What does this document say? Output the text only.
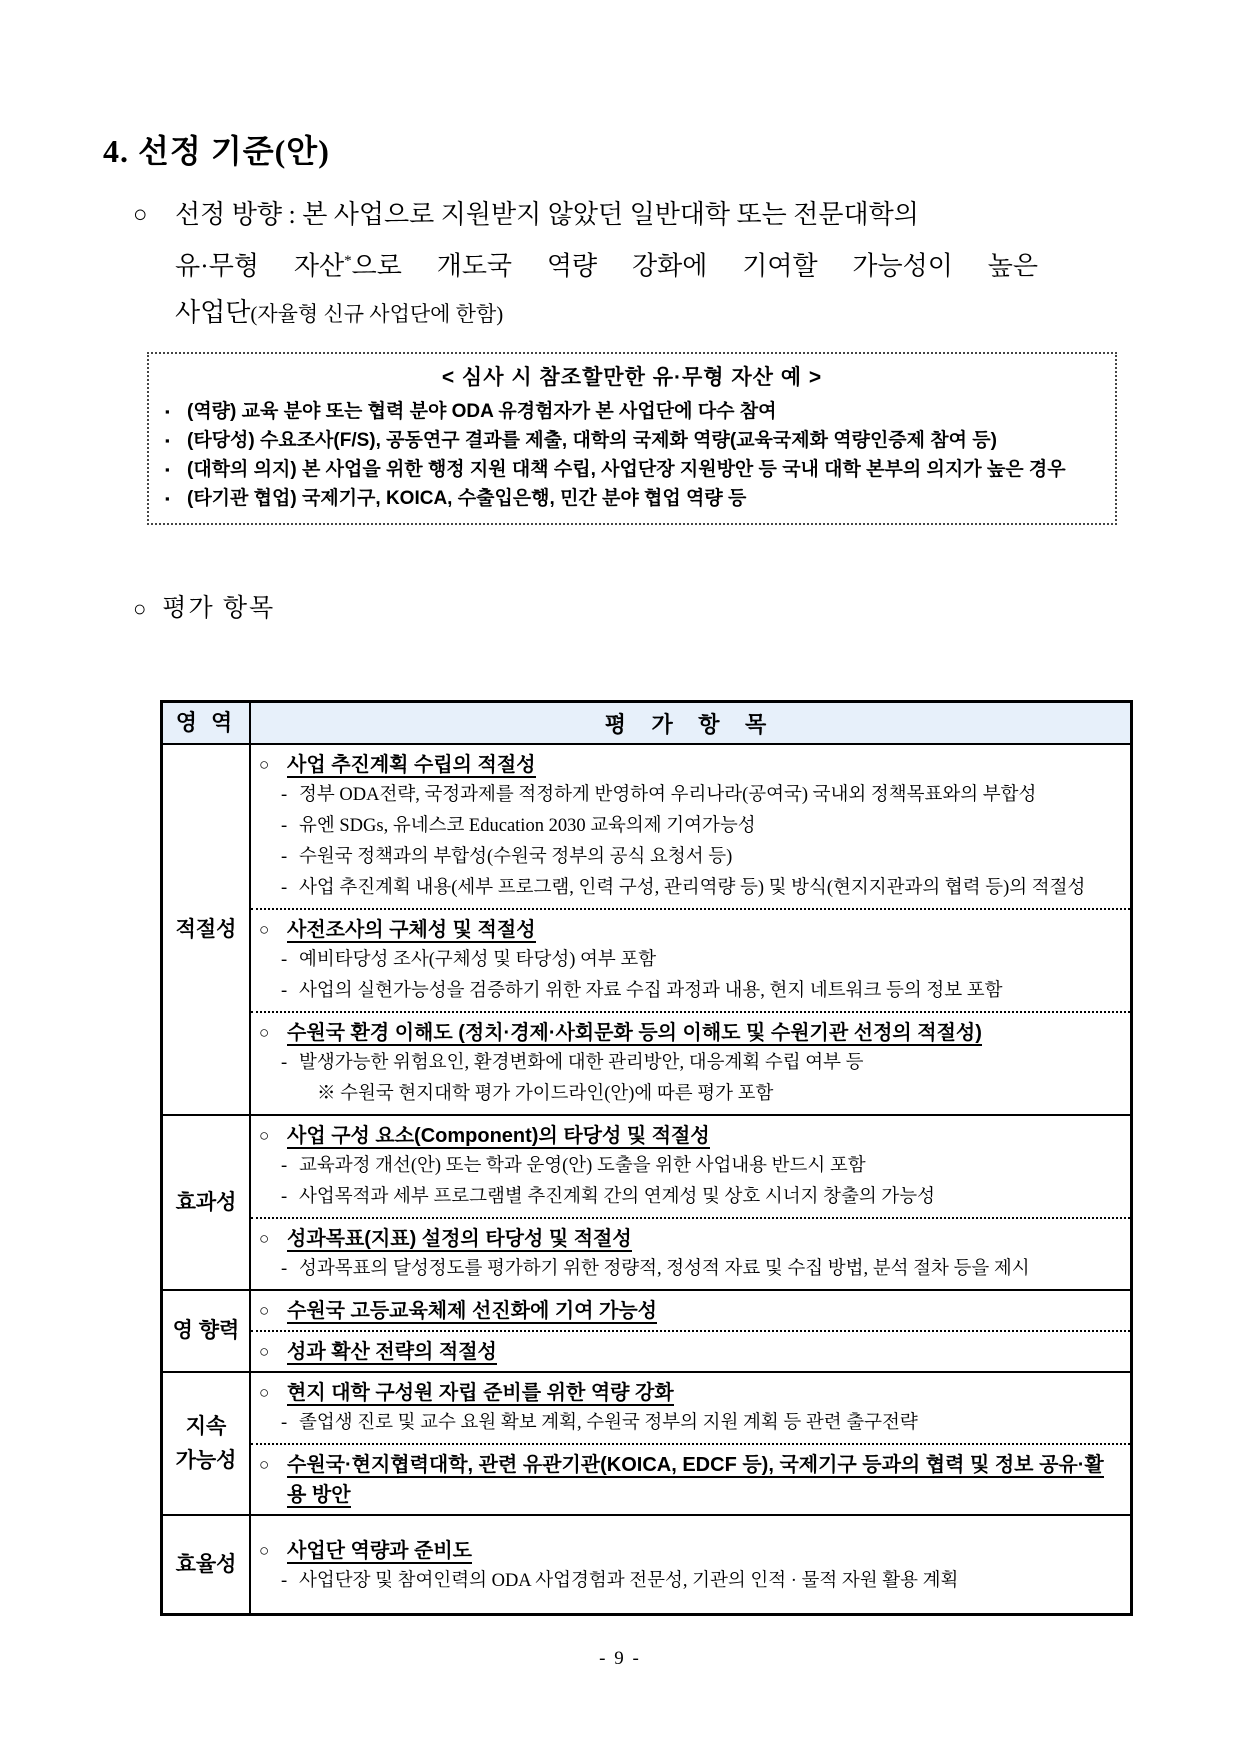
4. 선정 기준(안)
○	선정 방향 : 본 사업으로 지원받지 않았던 일반대학 또는 전문대학의
유·무형 자산*으로 개도국 역량 강화에 기여할 가능성이 높은
사업단(자율형 신규 사업단에 한함)
< 심사 시 참조할만한 유·무형 자산 예 >
▪ (역량) 교육 분야 또는 협력 분야 ODA 유경험자가 본 사업단에 다수 참여
▪ (타당성) 수요조사(F/S), 공동연구 결과를 제출, 대학의 국제화 역량(교육국제화 역량인증제 참여 등)
▪ (대학의 의지) 본 사업을 위한 행정 지원 대책 수립, 사업단장 지원방안 등 국내 대학 본부의 의지가 높은 경우
▪ (타기관 협업) 국제기구, KOICA, 수출입은행, 민간 분야 협업 역량 등
○ 평가 항목
영 역	평 가 항 목
적절성
○ 사업 추진계획 수립의 적절성
- 정부 ODA전략, 국정과제를 적정하게 반영하여 우리나라(공여국) 국내외 정책목표와의 부합성
- 유엔 SDGs, 유네스코 Education 2030 교육의제 기여가능성
- 수원국 정책과의 부합성(수원국 정부의 공식 요청서 등)
- 사업 추진계획 내용(세부 프로그램, 인력 구성, 관리역량 등) 및 방식(현지지관과의 협력 등)의 적절성
○ 사전조사의 구체성 및 적절성
- 예비타당성 조사(구체성 및 타당성) 여부 포함
- 사업의 실현가능성을 검증하기 위한 자료 수집 과정과 내용, 현지 네트워크 등의 정보 포함
○ 수원국 환경 이해도 (정치·경제·사회문화 등의 이해도 및 수원기관 선정의 적절성)
- 발생가능한 위험요인, 환경변화에 대한 관리방안, 대응계획 수립 여부 등
※ 수원국 현지대학 평가 가이드라인(안)에 따른 평가 포함
효과성
○ 사업 구성 요소(Component)의 타당성 및 적절성
- 교육과정 개선(안) 또는 학과 운영(안) 도출을 위한 사업내용 반드시 포함
- 사업목적과 세부 프로그램별 추진계획 간의 연계성 및 상호 시너지 창출의 가능성
○ 성과목표(지표) 설정의 타당성 및 적절성
- 성과목표의 달성정도를 평가하기 위한 정량적, 정성적 자료 및 수집 방법, 분석 절차 등을 제시
영 향력
○ 수원국 고등교육체제 선진화에 기여 가능성
○ 성과 확산 전략의 적절성
지속
가능성
○ 현지 대학 구성원 자립 준비를 위한 역량 강화
- 졸업생 진로 및 교수 요원 확보 계획, 수원국 정부의 지원 계획 등 관련 출구전략
○ 수원국·현지협력대학, 관련 유관기관(KOICA, EDCF 등), 국제기구 등과의 협력 및 정보 공유·활용 방안
효율성
○ 사업단 역량과 준비도
- 사업단장 및 참여인력의 ODA 사업경험과 전문성, 기관의 인적 · 물적 자원 활용 계획
- 9 -
